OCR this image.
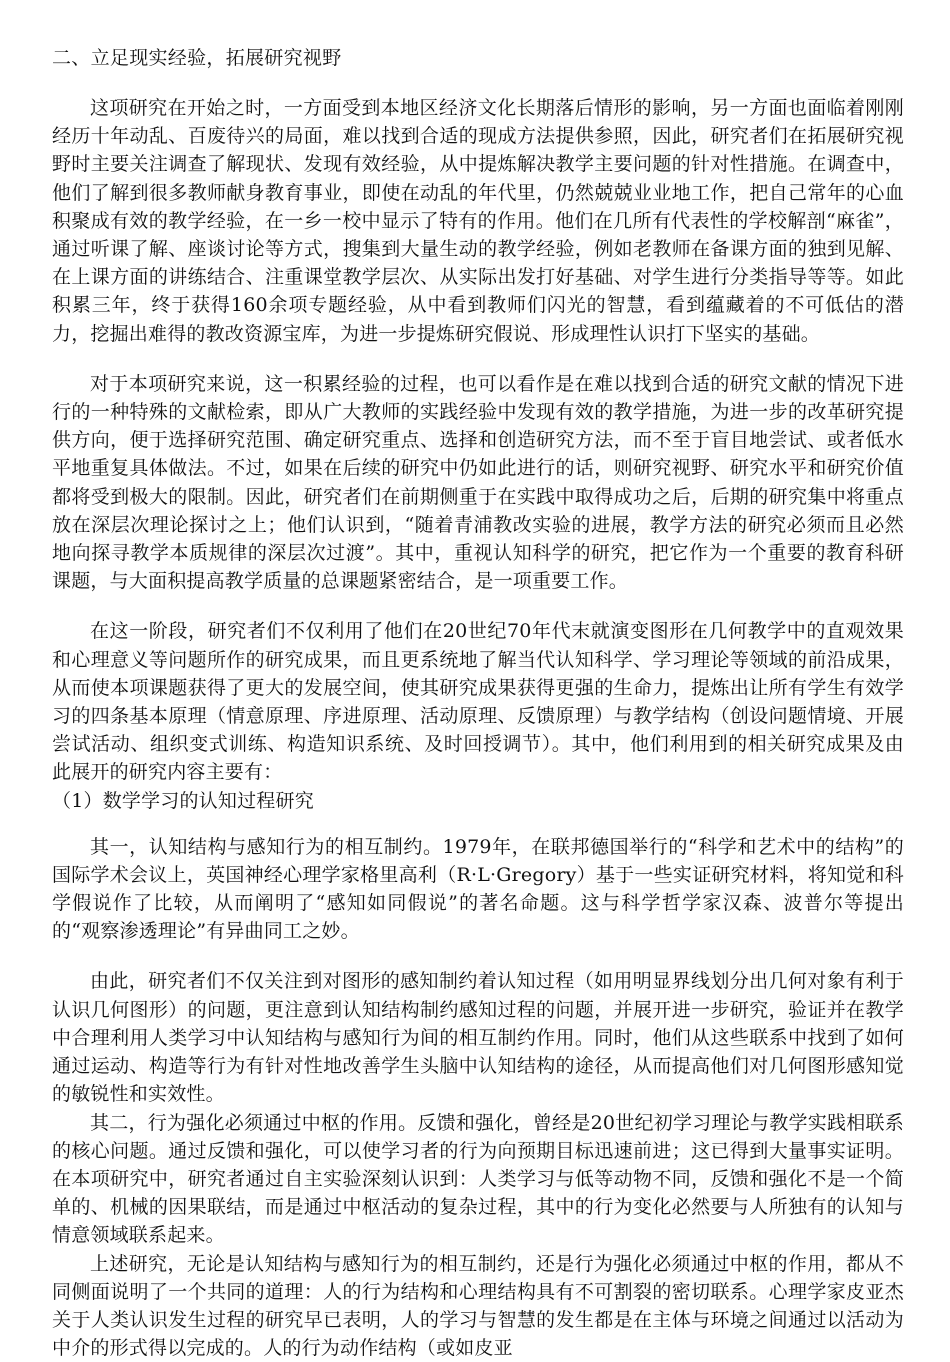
二、立足现实经验，拓展研究视野

这项研究在开始之时，一方面受到本地区经济文化长期落后情形的影响，另一方面也面临着刚刚经历十年动乱、百废待兴的局面，难以找到合适的现成方法提供参照，因此，研究者们在拓展研究视野时主要关注调查了解现状、发现有效经验，从中提炼解决教学主要问题的针对性措施。在调查中，他们了解到很多教师献身教育事业，即使在动乱的年代里，仍然兢兢业业地工作，把自己常年的心血积聚成有效的教学经验，在一乡一校中显示了特有的作用。他们在几所有代表性的学校解剖“麻雀”，通过听课了解、座谈讨论等方式，搜集到大量生动的教学经验，例如老教师在备课方面的独到见解、在上课方面的讲练结合、注重课堂教学层次、从实际出发打好基础、对学生进行分类指导等等。如此积累三年，终于获得160余项专题经验，从中看到教师们闪光的智慧，看到蕴藏着的不可低估的潜力，挖掘出难得的教改资源宝库，为进一步提炼研究假说、形成理性认识打下坚实的基础。

对于本项研究来说，这一积累经验的过程，也可以看作是在难以找到合适的研究文献的情况下进行的一种特殊的文献检索，即从广大教师的实践经验中发现有效的教学措施，为进一步的改革研究提供方向，便于选择研究范围、确定研究重点、选择和创造研究方法，而不至于盲目地尝试、或者低水平地重复具体做法。不过，如果在后续的研究中仍如此进行的话，则研究视野、研究水平和研究价值都将受到极大的限制。因此，研究者们在前期侧重于在实践中取得成功之后，后期的研究集中将重点放在深层次理论探讨之上；他们认识到，“随着青浦教改实验的进展，教学方法的研究必须而且必然地向探寻教学本质规律的深层次过渡”。其中，重视认知科学的研究，把它作为一个重要的教育科研课题，与大面积提高教学质量的总课题紧密结合，是一项重要工作。

在这一阶段，研究者们不仅利用了他们在20世纪70年代末就演变图形在几何教学中的直观效果和心理意义等问题所作的研究成果，而且更系统地了解当代认知科学、学习理论等领域的前沿成果，从而使本项课题获得了更大的发展空间，使其研究成果获得更强的生命力，提炼出让所有学生有效学习的四条基本原理（情意原理、序进原理、活动原理、反馈原理）与教学结构（创设问题情境、开展尝试活动、组织变式训练、构造知识系统、及时回授调节）。其中，他们利用到的相关研究成果及由此展开的研究内容主要有：

（1）数学学习的认知过程研究

其一，认知结构与感知行为的相互制约。1979年，在联邦德国举行的“科学和艺术中的结构”的国际学术会议上，英国神经心理学家格里高利（R·L·Gregory）基于一些实证研究材料，将知觉和科学假说作了比较，从而阐明了“感知如同假说”的著名命题。这与科学哲学家汉森、波普尔等提出的“观察渗透理论”有异曲同工之妙。

由此，研究者们不仅关注到对图形的感知制约着认知过程（如用明显界线划分出几何对象有利于认识几何图形）的问题，更注意到认知结构制约感知过程的问题，并展开进一步研究，验证并在教学中合理利用人类学习中认知结构与感知行为间的相互制约作用。同时，他们从这些联系中找到了如何通过运动、构造等行为有针对性地改善学生头脑中认知结构的途径，从而提高他们对几何图形感知觉的敏锐性和实效性。

其二，行为强化必须通过中枢的作用。反馈和强化，曾经是20世纪初学习理论与教学实践相联系的核心问题。通过反馈和强化，可以使学习者的行为向预期目标迅速前进；这已得到大量事实证明。在本项研究中，研究者通过自主实验深刻认识到：人类学习与低等动物不同，反馈和强化不是一个简单的、机械的因果联结，而是通过中枢活动的复杂过程，其中的行为变化必然要与人所独有的认知与情意领域联系起来。

上述研究，无论是认知结构与感知行为的相互制约，还是行为强化必须通过中枢的作用，都从不同侧面说明了一个共同的道理：人的行为结构和心理结构具有不可割裂的密切联系。心理学家皮亚杰关于人类认识发生过程的研究早已表明，人的学习与智慧的发生都是在主体与环境之间通过以活动为中介的形式得以完成的。人的行为动作结构（或如皮亚
